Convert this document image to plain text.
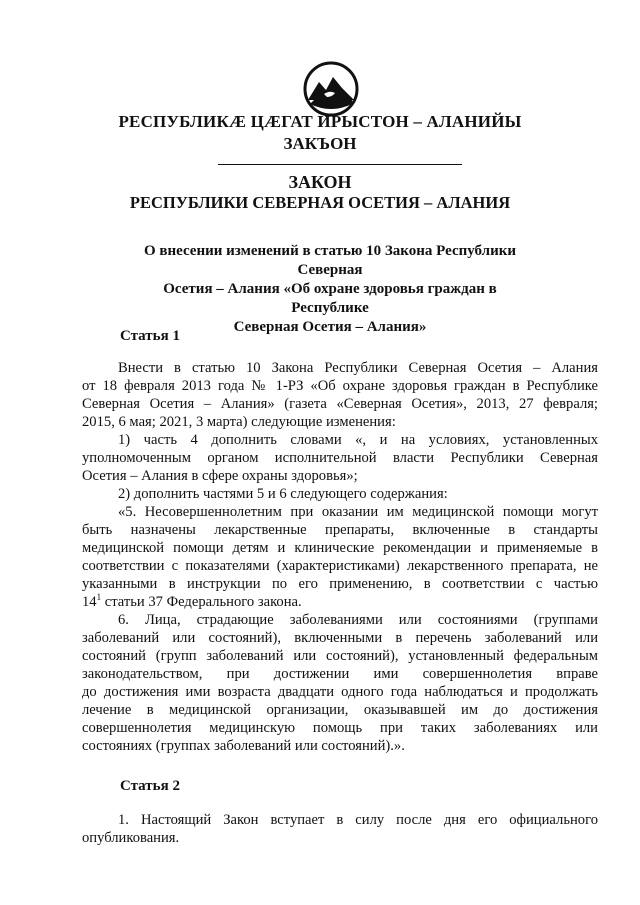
РЕСПУБЛИКÆ ЦÆГАТ ИРЫСТОН – АЛАНИЙЫ
ЗАКЪОН
ЗАКОН
РЕСПУБЛИКИ СЕВЕРНАЯ ОСЕТИЯ – АЛАНИЯ
О внесении изменений в статью 10 Закона Республики Северная
Осетия – Алания «Об охране здоровья граждан в Республике
Северная Осетия – Алания»
Статья 1
Внести в статью 10 Закона Республики Северная Осетия – Алания
от 18 февраля 2013 года № 1-РЗ «Об охране здоровья граждан в Республике
Северная Осетия – Алания» (газета «Северная Осетия», 2013, 27 февраля;
2015, 6 мая; 2021, 3 марта) следующие изменения:
1) часть 4 дополнить словами «, и на условиях, установленных
уполномоченным органом исполнительной власти Республики Северная
Осетия – Алания в сфере охраны здоровья»;
2) дополнить частями 5 и 6 следующего содержания:
«5. Несовершеннолетним при оказании им медицинской помощи могут
быть назначены лекарственные препараты, включенные в стандарты
медицинской помощи детям и клинические рекомендации и применяемые в
соответствии с показателями (характеристиками) лекарственного препарата, не
указанными в инструкции по его применению, в соответствии с частью
$14^1$ статьи 37 Федерального закона.
6. Лица, страдающие заболеваниями или состояниями (группами
заболеваний или состояний), включенными в перечень заболеваний или
состояний (групп заболеваний или состояний), установленный федеральным
законодательством, при достижении ими совершеннолетия вправе
до достижения ими возраста двадцати одного года наблюдаться и продолжать
лечение в медицинской организации, оказывавшей им до достижения
совершеннолетия медицинскую помощь при таких заболеваниях или
состояниях (группах заболеваний или состояний).».
Статья 2
1. Настоящий Закон вступает в силу после дня его официального
опубликования.
